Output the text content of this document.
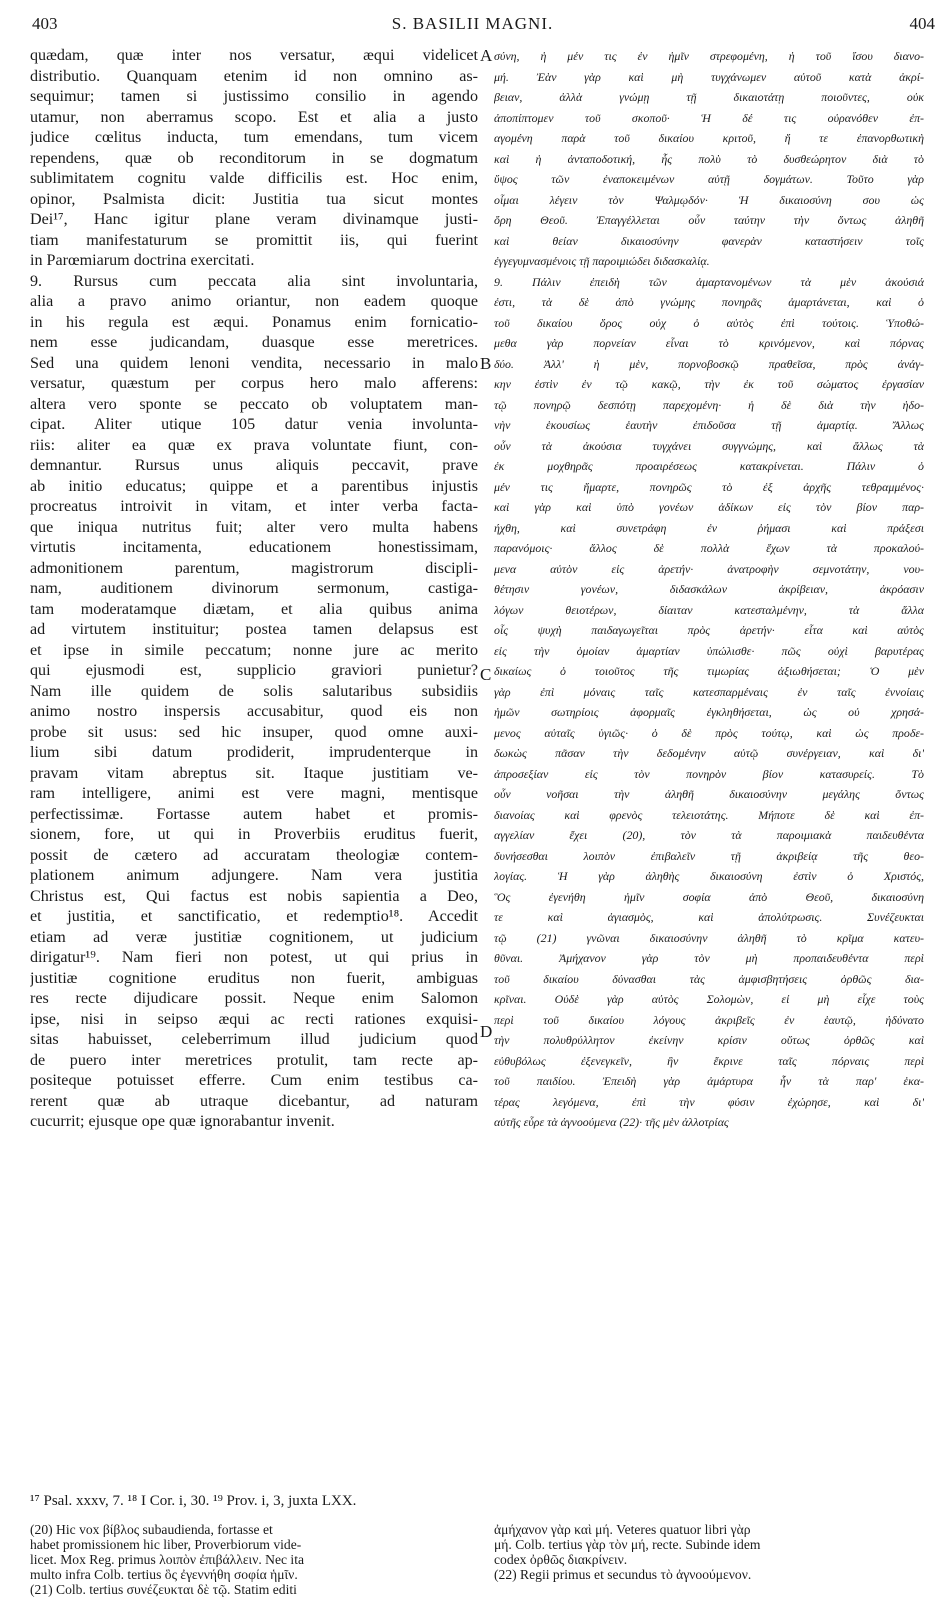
S. BASILII MAGNI.
403	404
A
B
C
D
quædam, quæ inter nos versatur, æqui videlicet
distributio. Quanquam etenim id non omnino as-
sequimur; tamen si justissimo consilio in agendo
utamur, non aberramus scopo. Est et alia a justo
judice cœlitus inducta, tum emendans, tum vicem
rependens, quæ ob reconditorum in se dogmatum
sublimitatem cognitu valde difficilis est. Hoc enim,
opinor, Psalmista dicit: Justitia tua sicut montes
Dei¹⁷, Hanc igitur plane veram divinamque justi-
tiam manifestaturum se promittit iis, qui fuerint
in Parœmiarum doctrina exercitati.
9. Rursus cum peccata alia sint involuntaria,
alia a pravo animo oriantur, non eadem quoque
in his regula est æqui. Ponamus enim fornicatio-
nem esse judicandam, duasque esse meretrices.
Sed una quidem lenoni vendita, necessario in malo
versatur, quæstum per corpus hero malo afferens:
altera vero sponte se peccato ob voluptatem man-
cipat. Aliter utique 105 datur venia involunta-
riis: aliter ea quæ ex prava voluntate fiunt, con-
demnantur. Rursus unus aliquis peccavit, prave
ab initio educatus; quippe et a parentibus injustis
procreatus introivit in vitam, et inter verba facta-
que iniqua nutritus fuit; alter vero multa habens
virtutis incitamenta, educationem honestissimam,
admonitionem parentum, magistrorum discipli-
nam, auditionem divinorum sermonum, castiga-
tam moderatamque diætam, et alia quibus anima
ad virtutem instituitur; postea tamen delapsus est
et ipse in simile peccatum; nonne jure ac merito
qui ejusmodi est, supplicio graviori punietur?
Nam ille quidem de solis salutaribus subsidiis
animo nostro inspersis accusabitur, quod eis non
probe sit usus: sed hic insuper, quod omne auxi-
lium sibi datum prodiderit, imprudenterque in
pravam vitam abreptus sit. Itaque justitiam ve-
ram intelligere, animi est vere magni, mentisque
perfectissimæ. Fortasse autem habet et promis-
sionem, fore, ut qui in Proverbiis eruditus fuerit,
possit de cætero ad accuratam theologiæ contem-
plationem animum adjungere. Nam vera justitia
Christus est, Qui factus est nobis sapientia a Deo,
et justitia, et sanctificatio, et redemptio¹⁸. Accedit
etiam ad veræ justitiæ cognitionem, ut judicium
dirigatur¹⁹. Nam fieri non potest, ut qui prius in
justitiæ cognitione eruditus non fuerit, ambiguas
res recte dijudicare possit. Neque enim Salomon
ipse, nisi in seipso æqui ac recti rationes exquisi-
sitas habuisset, celeberrimum illud judicium quod
de puero inter meretrices protulit, tam recte ap-
positeque potuisset efferre. Cum enim testibus ca-
rerent quæ ab utraque dicebantur, ad naturam
cucurrit; ejusque ope quæ ignorabantur invenit.
σύνη, ἡ μέν τις ἐν ἡμῖν στρεφομένη, ἡ τοῦ ἴσου διανο-
μή. Ἐὰν γὰρ καὶ μὴ τυγχάνωμεν αὐτοῦ κατὰ ἀκρί-
βειαν, ἀλλὰ γνώμῃ τῇ δικαιοτάτῃ ποιοῦντες, οὐκ
ἀποπίπτομεν τοῦ σκοποῦ· Ἡ δέ τις οὐρανόθεν ἐπ-
αγομένη παρὰ τοῦ δικαίου κριτοῦ, ἥ τε ἐπανορθωτικὴ
καὶ ἡ ἀνταποδοτική, ἧς πολὺ τὸ δυσθεώρητον διὰ τὸ
ὕψος τῶν ἐναποκειμένων αὐτῇ δογμάτων. Τοῦτο γὰρ
οἶμαι λέγειν τὸν Ψαλμῳδόν· Ἡ δικαιοσύνη σου ὡς
ὄρη Θεοῦ. Ἐπαγγέλλεται οὖν ταύτην τὴν ὄντως ἀληθῆ
καὶ θείαν δικαιοσύνην φανερὰν καταστήσειν τοῖς
ἐγγεγυμνασμένοις τῇ παροιμιώδει διδασκαλίᾳ.
9. Πάλιν ἐπειδὴ τῶν ἁμαρτανομένων τὰ μὲν ἀκούσιά
ἐστι, τὰ δὲ ἀπὸ γνώμης πονηρᾶς ἁμαρτάνεται, καὶ ὁ
τοῦ δικαίου ὅρος οὐχ ὁ αὐτὸς ἐπὶ τούτοις. Ὑποθώ-
μεθα γὰρ πορνείαν εἶναι τὸ κρινόμενον, καὶ πόρνας
δύο. Ἀλλ' ἡ μὲν, πορνοβοσκῷ πραθεῖσα, πρὸς ἀνάγ-
κην ἐστὶν ἐν τῷ κακῷ, τὴν ἐκ τοῦ σώματος ἐργασίαν
τῷ πονηρῷ δεσπότῃ παρεχομένη· ἡ δὲ διὰ τὴν ἡδο-
νὴν ἑκουσίως ἑαυτὴν ἐπιδοῦσα τῇ ἁμαρτίᾳ. Ἄλλως
οὖν τὰ ἀκούσια τυγχάνει συγγνώμης, καὶ ἄλλως τὰ
ἐκ μοχθηρᾶς προαιρέσεως κατακρίνεται. Πάλιν ὁ
μέν τις ἥμαρτε, πονηρῶς τὸ ἐξ ἀρχῆς τεθραμμένος·
καὶ γὰρ καὶ ὑπὸ γονέων ἀδίκων εἰς τὸν βίον παρ-
ήχθη, καὶ συνετράφη ἐν ῥήμασι καὶ πράξεσι
παρανόμοις· ἄλλος δὲ πολλὰ ἔχων τὰ προκαλού-
μενα αὐτὸν εἰς ἀρετήν· ἀνατροφὴν σεμνοτάτην, νου-
θέτησιν γονέων, διδασκάλων ἀκρίβειαν, ἀκρόασιν
λόγων θειοτέρων, δίαιταν κατεσταλμένην, τὰ ἄλλα
οἷς ψυχὴ παιδαγωγεῖται πρὸς ἀρετήν· εἶτα καὶ αὐτὸς
εἰς τὴν ὁμοίαν ἁμαρτίαν ὑπώλισθε· πῶς οὐχὶ βαρυτέρας
δικαίως ὁ τοιοῦτος τῆς τιμωρίας ἀξιωθήσεται; Ὁ μὲν
γὰρ ἐπὶ μόναις ταῖς κατεσπαρμέναις ἐν ταῖς ἐννοίαις
ἡμῶν σωτηρίοις ἀφορμαῖς ἐγκληθήσεται, ὡς οὐ χρησά-
μενος αὐταῖς ὑγιῶς· ὁ δὲ πρὸς τούτῳ, καὶ ὡς προδε-
δωκὼς πᾶσαν τὴν δεδομένην αὐτῷ συνέργειαν, καὶ δι'
ἀπροσεξίαν εἰς τὸν πονηρὸν βίον κατασυρείς. Τὸ
οὖν νοῆσαι τὴν ἀληθῆ δικαιοσύνην μεγάλης ὄντως
διανοίας καὶ φρενὸς τελειοτάτης. Μήποτε δὲ καὶ ἐπ-
αγγελίαν ἔχει (20), τὸν τὰ παροιμιακὰ παιδευθέντα
δυνήσεσθαι λοιπὸν ἐπιβαλεῖν τῇ ἀκριβείᾳ τῆς θεο-
λογίας. Ἡ γὰρ ἀληθὴς δικαιοσύνη ἐστὶν ὁ Χριστός,
Ὃς ἐγενήθη ἡμῖν σοφία ἀπὸ Θεοῦ, δικαιοσύνη
τε καὶ ἁγιασμὸς, καὶ ἀπολύτρωσις. Συνέζευκται
τῷ (21) γνῶναι δικαιοσύνην ἀληθῆ τὸ κρῖμα κατευ-
θῦναι. Ἀμήχανον γὰρ τὸν μὴ προπαιδευθέντα περὶ
τοῦ δικαίου δύνασθαι τὰς ἀμφισβητήσεις ὀρθῶς δια-
κρῖναι. Οὐδὲ γὰρ αὐτὸς Σολομὼν, εἰ μὴ εἶχε τοὺς
περὶ τοῦ δικαίου λόγους ἀκριβεῖς ἐν ἑαυτῷ, ἠδύνατο
τὴν πολυθρύλλητον ἐκείνην κρίσιν οὕτως ὀρθῶς καὶ
εὐθυβόλως ἐξενεγκεῖν, ἣν ἔκρινε ταῖς πόρναις περὶ
τοῦ παιδίου. Ἐπειδὴ γὰρ ἀμάρτυρα ἦν τὰ παρ' ἑκα-
τέρας λεγόμενα, ἐπὶ τὴν φύσιν ἐχώρησε, καὶ δι'
αὐτῆς εὗρε τὰ ἀγνοούμενα (22)· τῆς μὲν ἀλλοτρίας
¹⁷ Psal. xxxv, 7. ¹⁸ I Cor. i, 30. ¹⁹ Prov. i, 3, juxta LXX.
(20) Hic vox βίβλος subaudienda, fortasse et
habet promissionem hic liber, Proverbiorum vide-
licet. Mox Reg. primus λοιπὸν ἐπιβάλλειν. Nec ita
multo infra Colb. tertius ὃς ἐγεννήθη σοφία ἡμῖν.
(21) Colb. tertius συνέζευκται δὲ τῷ. Statim editi
ἀμήχανον γὰρ καὶ μή. Veteres quatuor libri γὰρ
μή. Colb. tertius γὰρ τὸν μή, recte. Subinde idem
codex ὀρθῶς διακρίνειν.
(22) Regii primus et secundus τὸ ἀγνοούμενον.
